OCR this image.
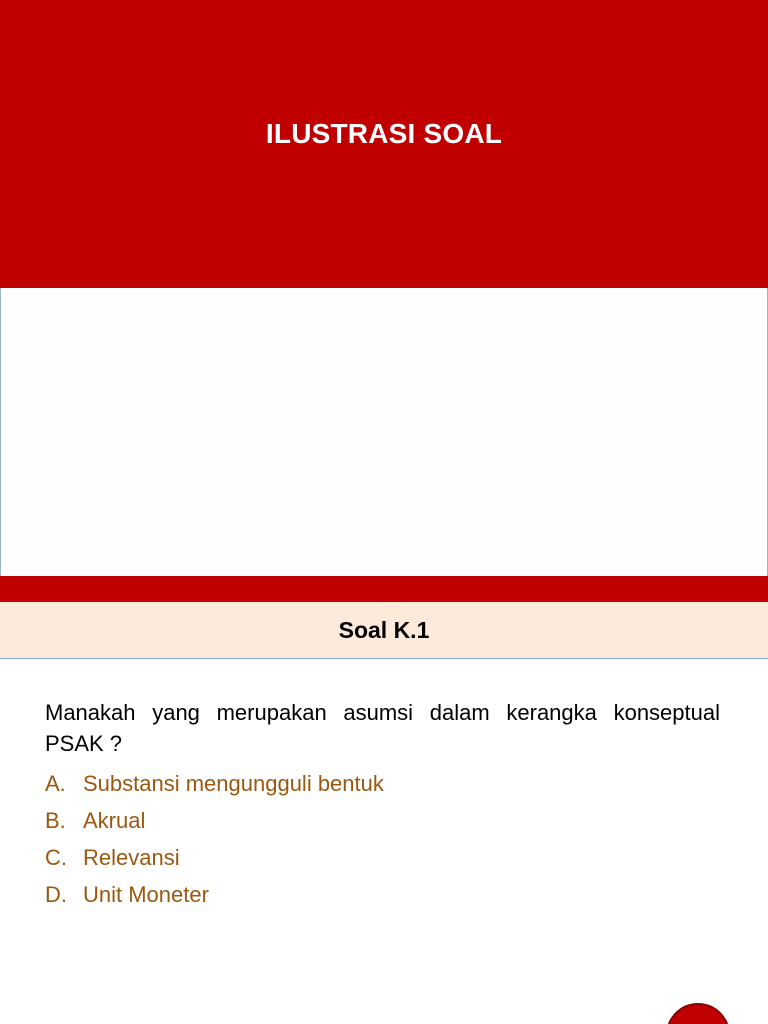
ILUSTRASI SOAL
Soal K.1

Manakah yang merupakan asumsi dalam kerangka konseptual PSAK ?

A. Substansi mengungguli bentuk
B. Akrual
C. Relevansi
D. Unit Moneter
